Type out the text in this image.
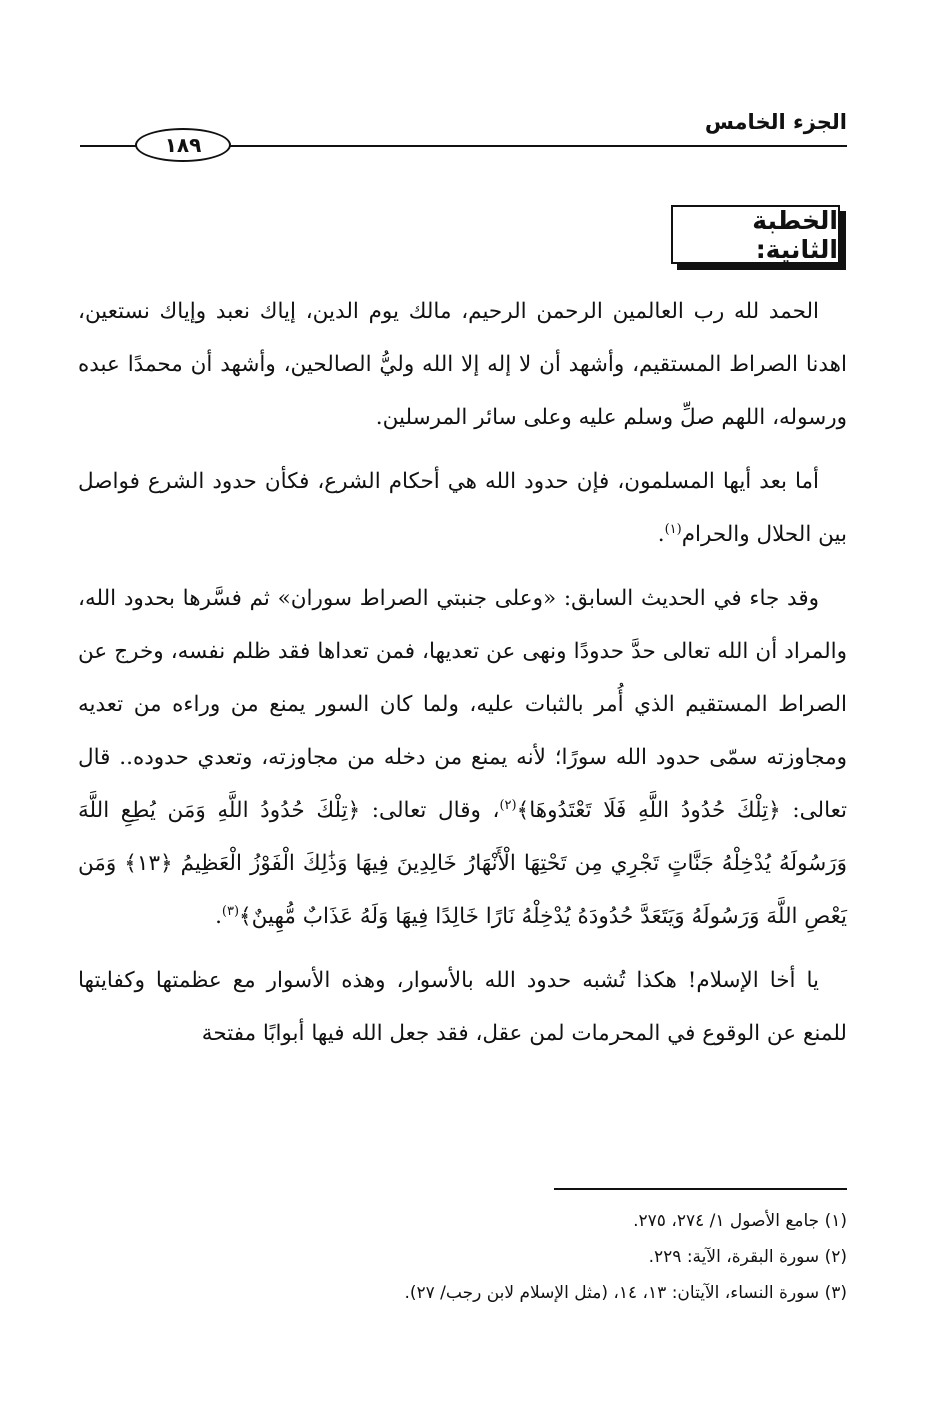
الجزء الخامس
١٨٩
الخطبة الثانية:

الحمد لله رب العالمين الرحمن الرحيم، مالك يوم الدين، إياك نعبد وإياك نستعين، اهدنا الصراط المستقيم، وأشهد أن لا إله إلا الله وليُّ الصالحين، وأشهد أن محمدًا عبده ورسوله، اللهم صلِّ وسلم عليه وعلى سائر المرسلين.

أما بعد أيها المسلمون، فإن حدود الله هي أحكام الشرع، فكأن حدود الشرع فواصل بين الحلال والحرام$^{(١)}$.

وقد جاء في الحديث السابق: «وعلى جنبتي الصراط سوران» ثم فسَّرها بحدود الله، والمراد أن الله تعالى حدَّ حدودًا ونهى عن تعديها، فمن تعداها فقد ظلم نفسه، وخرج عن الصراط المستقيم الذي أُمر بالثبات عليه، ولما كان السور يمنع من وراءه من تعديه ومجاوزته سمّى حدود الله سورًا؛ لأنه يمنع من دخله من مجاوزته، وتعدي حدوده.. قال تعالى: ﴿تِلْكَ حُدُودُ اللَّهِ فَلَا تَعْتَدُوهَا﴾$^{(٢)}$، وقال تعالى: ﴿تِلْكَ حُدُودُ اللَّهِ وَمَن يُطِعِ اللَّهَ وَرَسُولَهُ يُدْخِلْهُ جَنَّاتٍ تَجْرِي مِن تَحْتِهَا الْأَنْهَارُ خَالِدِينَ فِيهَا وَذَٰلِكَ الْفَوْزُ الْعَظِيمُ ﴿١٣﴾ وَمَن يَعْصِ اللَّهَ وَرَسُولَهُ وَيَتَعَدَّ حُدُودَهُ يُدْخِلْهُ نَارًا خَالِدًا فِيهَا وَلَهُ عَذَابٌ مُّهِينٌ﴾$^{(٣)}$.

يا أخا الإسلام! هكذا تُشبه حدود الله بالأسوار، وهذه الأسوار مع عظمتها وكفايتها للمنع عن الوقوع في المحرمات لمن عقل، فقد جعل الله فيها أبوابًا مفتحة

(١) جامع الأصول ١/ ٢٧٤، ٢٧٥.
(٢) سورة البقرة، الآية: ٢٢٩.
(٣) سورة النساء، الآيتان: ١٣، ١٤، (مثل الإسلام لابن رجب/ ٢٧).
